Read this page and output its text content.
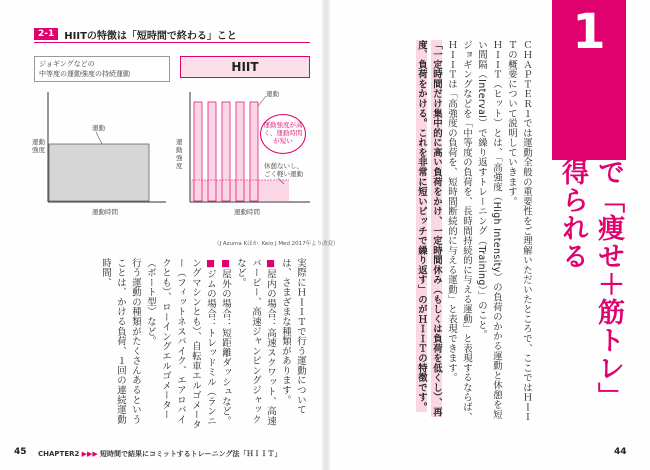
2-1	HIITの特徴は「短時間で終わる」こと
ジョギングなどの
中等度の運動強度の持続運動
運動
運動強度
運動時間
HIIT
運動
運動強度が高く、運動時間が短い
休憩ないし、ごく軽い運動
運動強度
運動時間
（J Azuma Kほか. Keio J Med 2017年より改変）

実際にＨＩＩＴで行う運動については、さまざまな種類があります。

■屋内の場合：高速スクワット、高速バーピー、高速ジャンピングジャックなど。

■屋外の場合：短距離ダッシュなど。

■ジムの場合：トレッドミル（ランニングマシンとも）、自転車エルゴメーター（フィットネスバイク、エアロバイクとも）、ローイングエルゴメーター（ボート型）など。

行う運動の種類がたくさんあるということは、かける負荷、１回の連続運動時間、

1
短時間で「痩せ＋筋トレ」
効果が得られる

ＣＨＡＰＴＥＲ１では運動全般の重要性をご理解いただいたところで、ここではＨＩＩＴの概要について説明していきます。

ＨＩＩＴ（ヒット）とは、「高強度（High Intensity）の負荷のかかる運動と休憩を短い間隔（Interval）で繰り返すトレーニング（Training）」のこと。

ジョギングなどを「中等度の負荷を、長時間持続的に与える運動」と表現するならば、ＨＩＩＴは「高強度の負荷を、短時間断続的に与える運動」と表現できます。

「一定時間だけ集中的に高い負荷をかけ、一定時間休み（もしくは負荷を低くし）、再度、負荷をかける。これを非常に短いピッチで繰り返す」のがＨＩＩＴの特徴です。

45 CHAPTER2 ▶▶▶ 短時間で結果にコミットするトレーニング法「ＨＩＩＴ」	44
